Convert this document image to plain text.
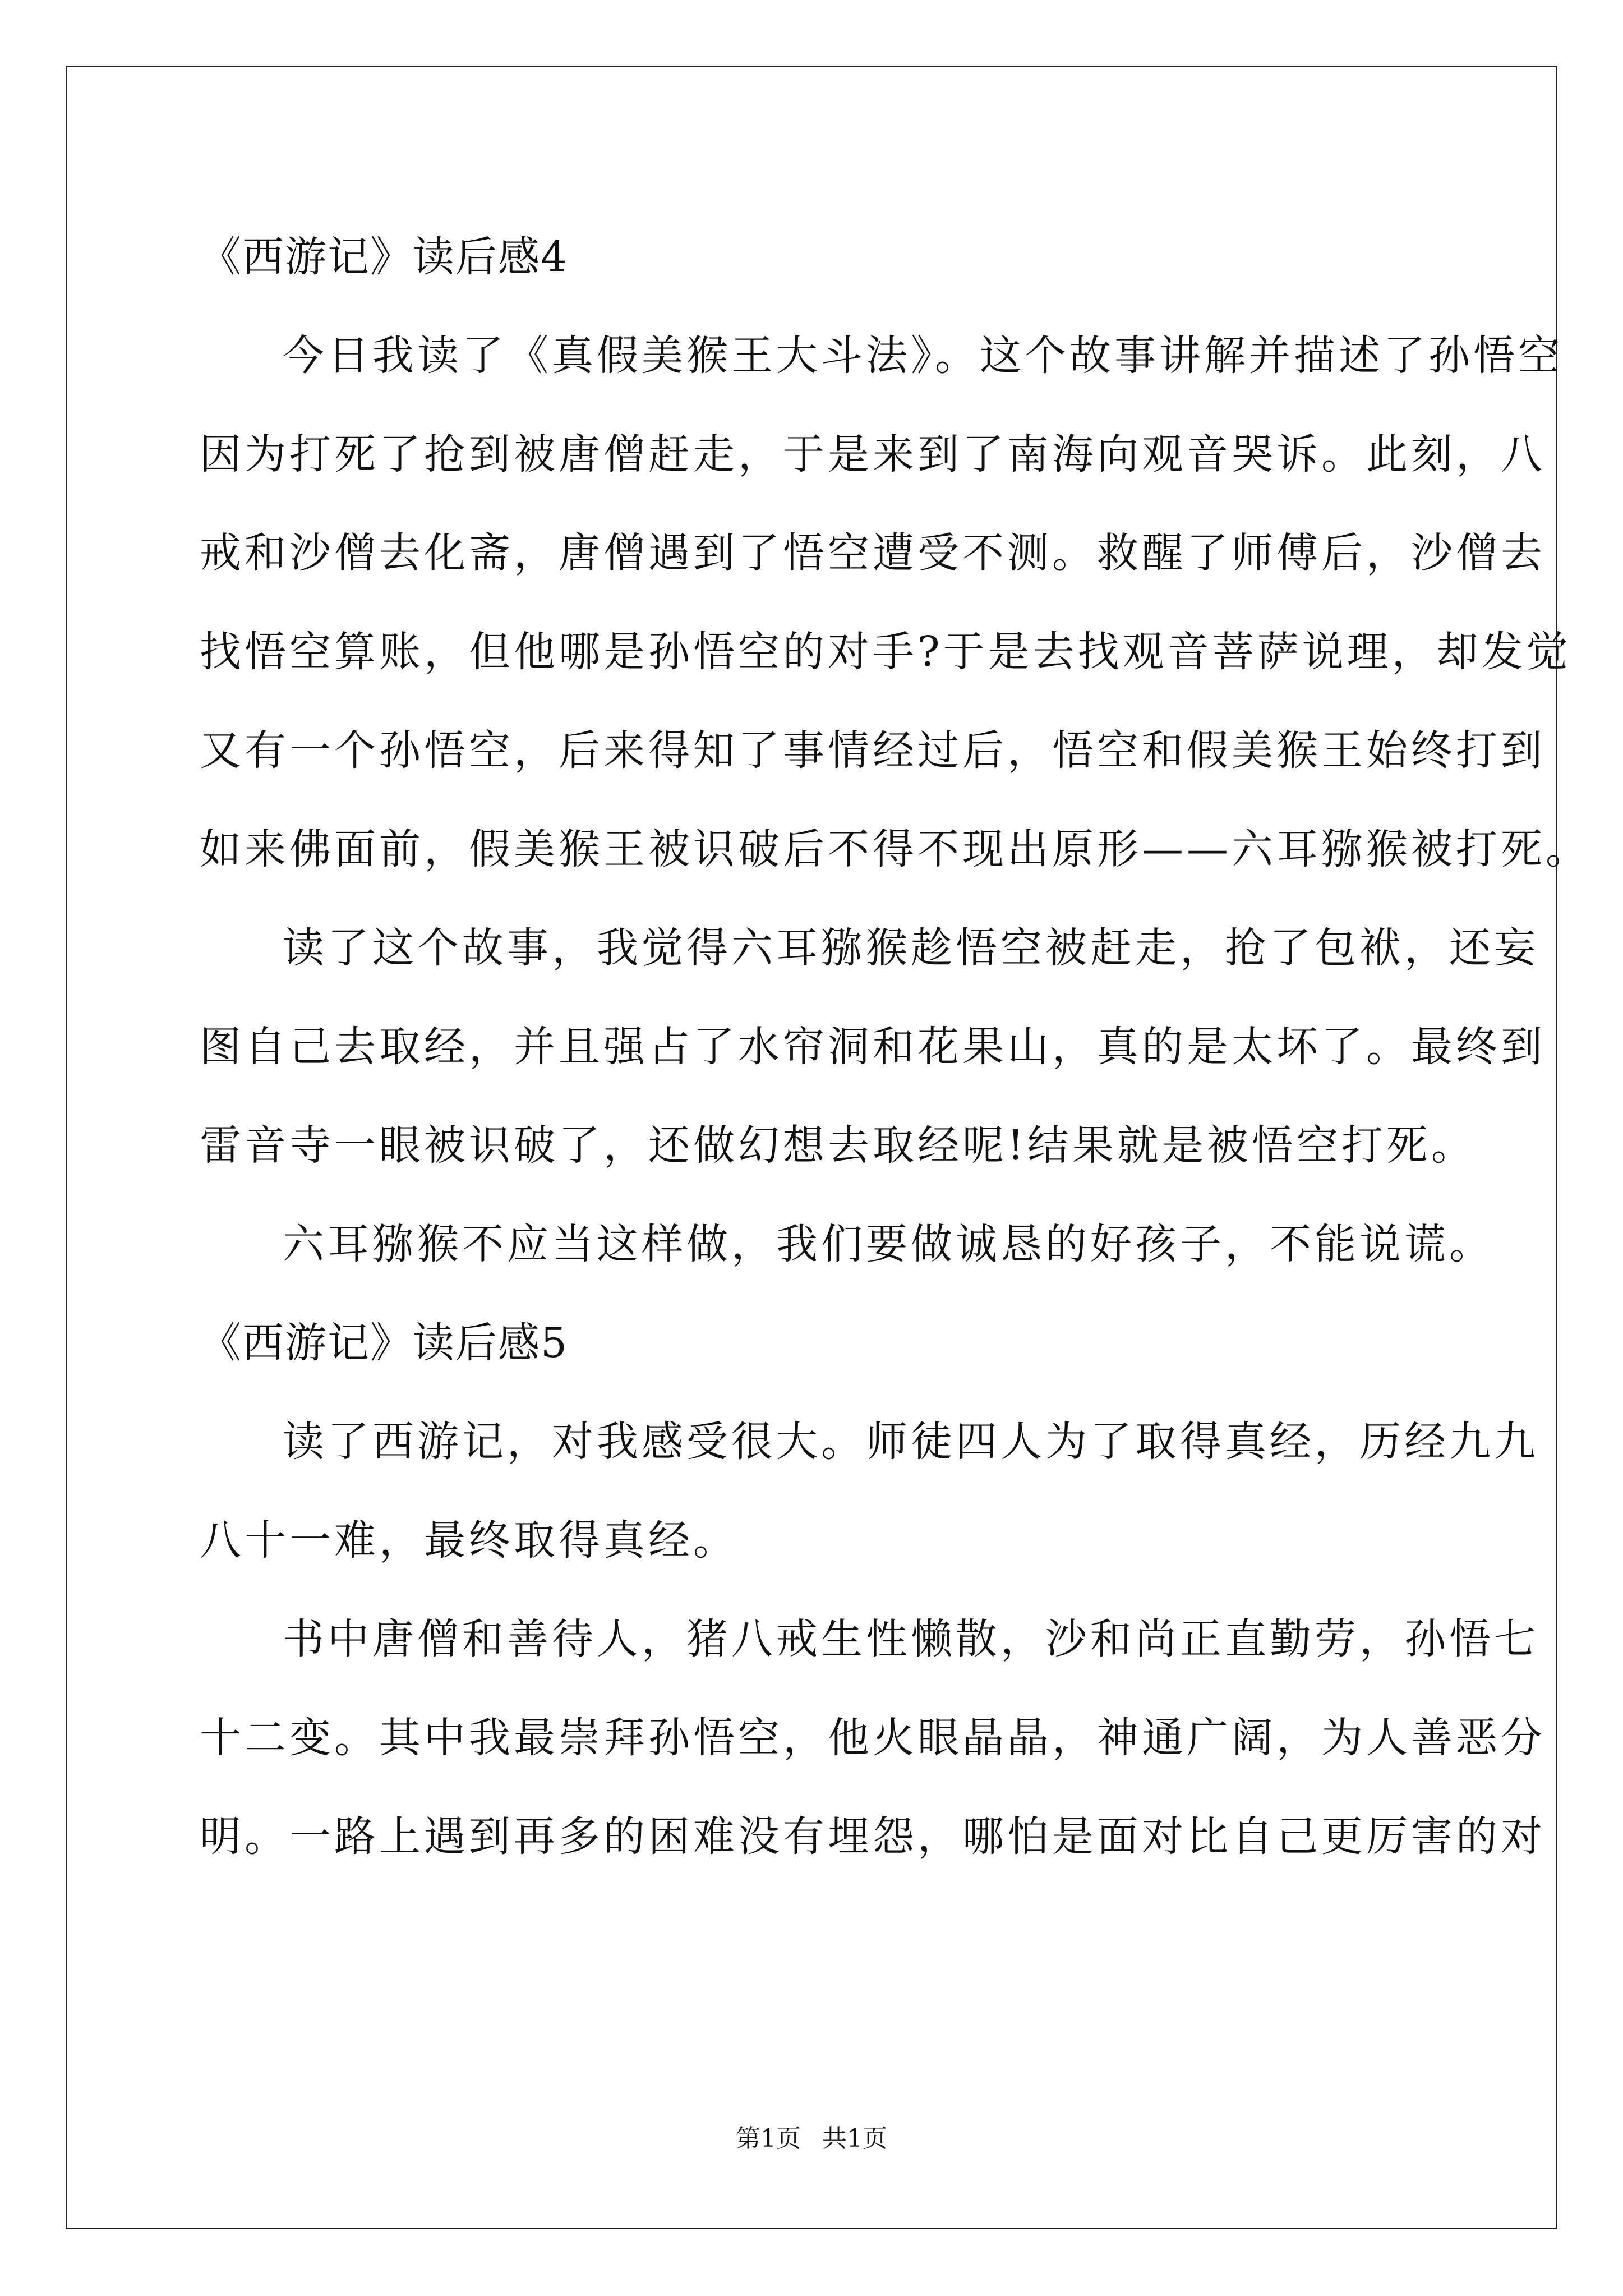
《西游记》读后感4
今日我读了《真假美猴王大斗法》。这个故事讲解并描述了孙悟空
因为打死了抢到被唐僧赶走，于是来到了南海向观音哭诉。此刻，八
戒和沙僧去化斋，唐僧遇到了悟空遭受不测。救醒了师傅后，沙僧去
找悟空算账，但他哪是孙悟空的对手?于是去找观音菩萨说理，却发觉
又有一个孙悟空，后来得知了事情经过后，悟空和假美猴王始终打到
如来佛面前，假美猴王被识破后不得不现出原形——六耳猕猴被打死。
读了这个故事，我觉得六耳猕猴趁悟空被赶走，抢了包袱，还妄
图自己去取经，并且强占了水帘洞和花果山，真的是太坏了。最终到
雷音寺一眼被识破了，还做幻想去取经呢!结果就是被悟空打死。
六耳猕猴不应当这样做，我们要做诚恳的好孩子，不能说谎。
《西游记》读后感5
读了西游记，对我感受很大。师徒四人为了取得真经，历经九九
八十一难，最终取得真经。
书中唐僧和善待人，猪八戒生性懒散，沙和尚正直勤劳，孙悟七
十二变。其中我最崇拜孙悟空，他火眼晶晶，神通广阔，为人善恶分
明。一路上遇到再多的困难没有埋怨，哪怕是面对比自己更厉害的对
第1页 共1页
